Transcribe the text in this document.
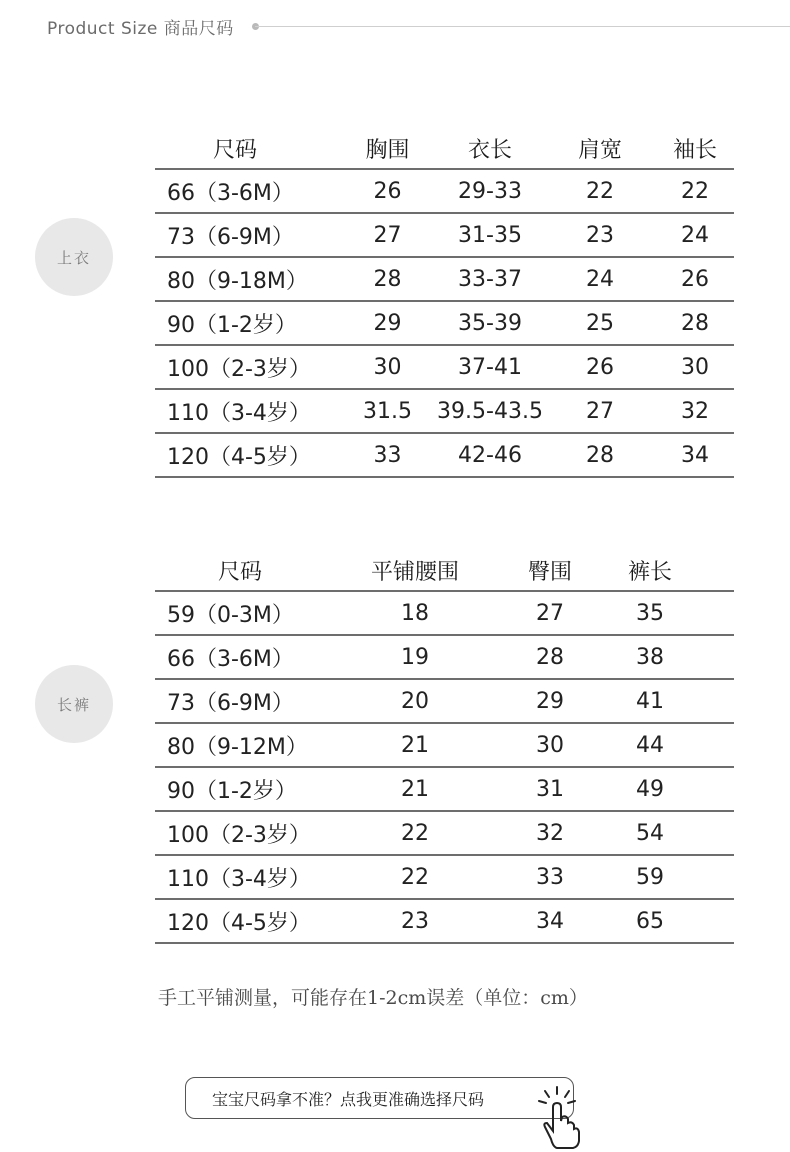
Product Size 商品尺码
上衣
尺码	胸围	衣长	肩宽	袖长
66（3-6M）	26	29-33	22	22
73（6-9M）	27	31-35	23	24
80（9-18M）	28	33-37	24	26
90（1-2岁）	29	35-39	25	28
100（2-3岁）	30	37-41	26	30
110（3-4岁）	31.5	39.5-43.5	27	32
120（4-5岁）	33	42-46	28	34
长裤
尺码	平铺腰围	臀围	裤长
59（0-3M）	18	27	35
66（3-6M）	19	28	38
73（6-9M）	20	29	41
80（9-12M）	21	30	44
90（1-2岁）	21	31	49
100（2-3岁）	22	32	54
110（3-4岁）	22	33	59
120（4-5岁）	23	34	65
手工平铺测量，可能存在1-2cm误差（单位：cm）
宝宝尺码拿不准？点我更准确选择尺码
